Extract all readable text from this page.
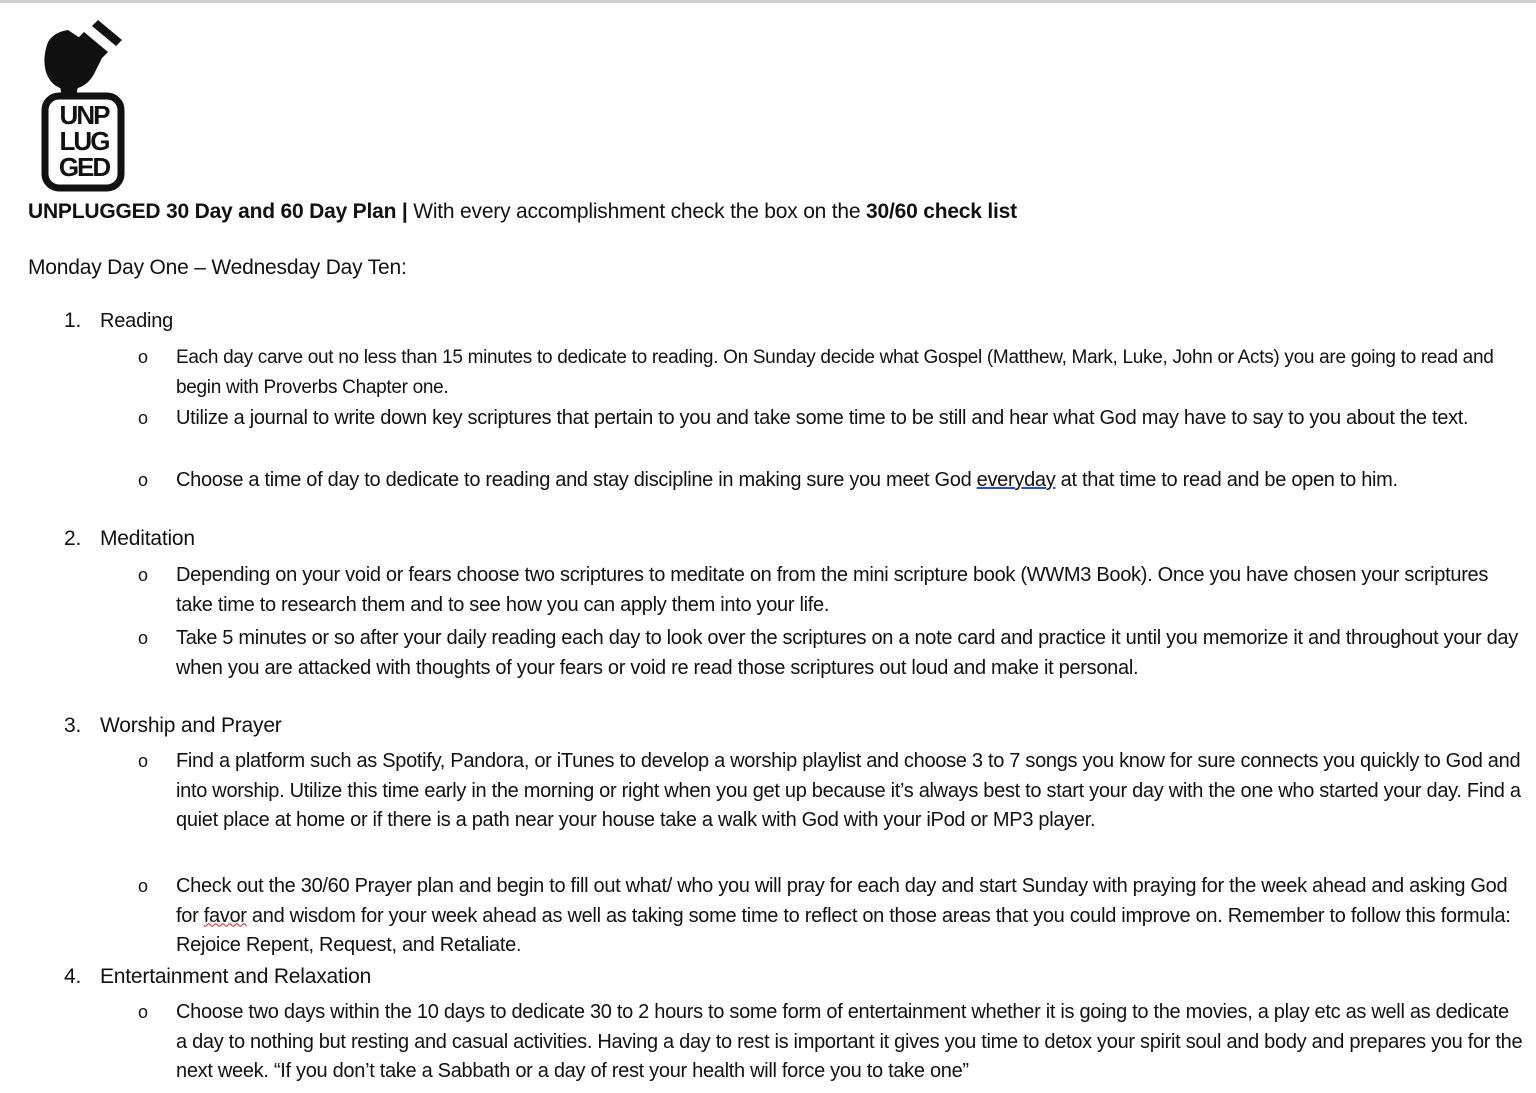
UNP
LUG
GED
UNPLUGGED 30 Day and 60 Day Plan | With every accomplishment check the box on the 30/60 check list
Monday Day One – Wednesday Day Ten:
1. Reading
o	Each day carve out no less than 15 minutes to dedicate to reading. On Sunday decide what Gospel (Matthew, Mark, Luke, John or Acts) you are going to read and begin with Proverbs Chapter one.
o	Utilize a journal to write down key scriptures that pertain to you and take some time to be still and hear what God may have to say to you about the text.
o	Choose a time of day to dedicate to reading and stay discipline in making sure you meet God everyday at that time to read and be open to him.
2. Meditation
o	Depending on your void or fears choose two scriptures to meditate on from the mini scripture book (WWM3 Book). Once you have chosen your scriptures take time to research them and to see how you can apply them into your life.
o	Take 5 minutes or so after your daily reading each day to look over the scriptures on a note card and practice it until you memorize it and throughout your day when you are attacked with thoughts of your fears or void re read those scriptures out loud and make it personal.
3. Worship and Prayer
o	Find a platform such as Spotify, Pandora, or iTunes to develop a worship playlist and choose 3 to 7 songs you know for sure connects you quickly to God and into worship. Utilize this time early in the morning or right when you get up because it’s always best to start your day with the one who started your day. Find a quiet place at home or if there is a path near your house take a walk with God with your iPod or MP3 player.
o	Check out the 30/60 Prayer plan and begin to fill out what/ who you will pray for each day and start Sunday with praying for the week ahead and asking God for favor and wisdom for your week ahead as well as taking some time to reflect on those areas that you could improve on. Remember to follow this formula: Rejoice Repent, Request, and Retaliate.
4. Entertainment and Relaxation
o	Choose two days within the 10 days to dedicate 30 to 2 hours to some form of entertainment whether it is going to the movies, a play etc as well as dedicate a day to nothing but resting and casual activities. Having a day to rest is important it gives you time to detox your spirit soul and body and prepares you for the next week. “If you don’t take a Sabbath or a day of rest your health will force you to take one”
